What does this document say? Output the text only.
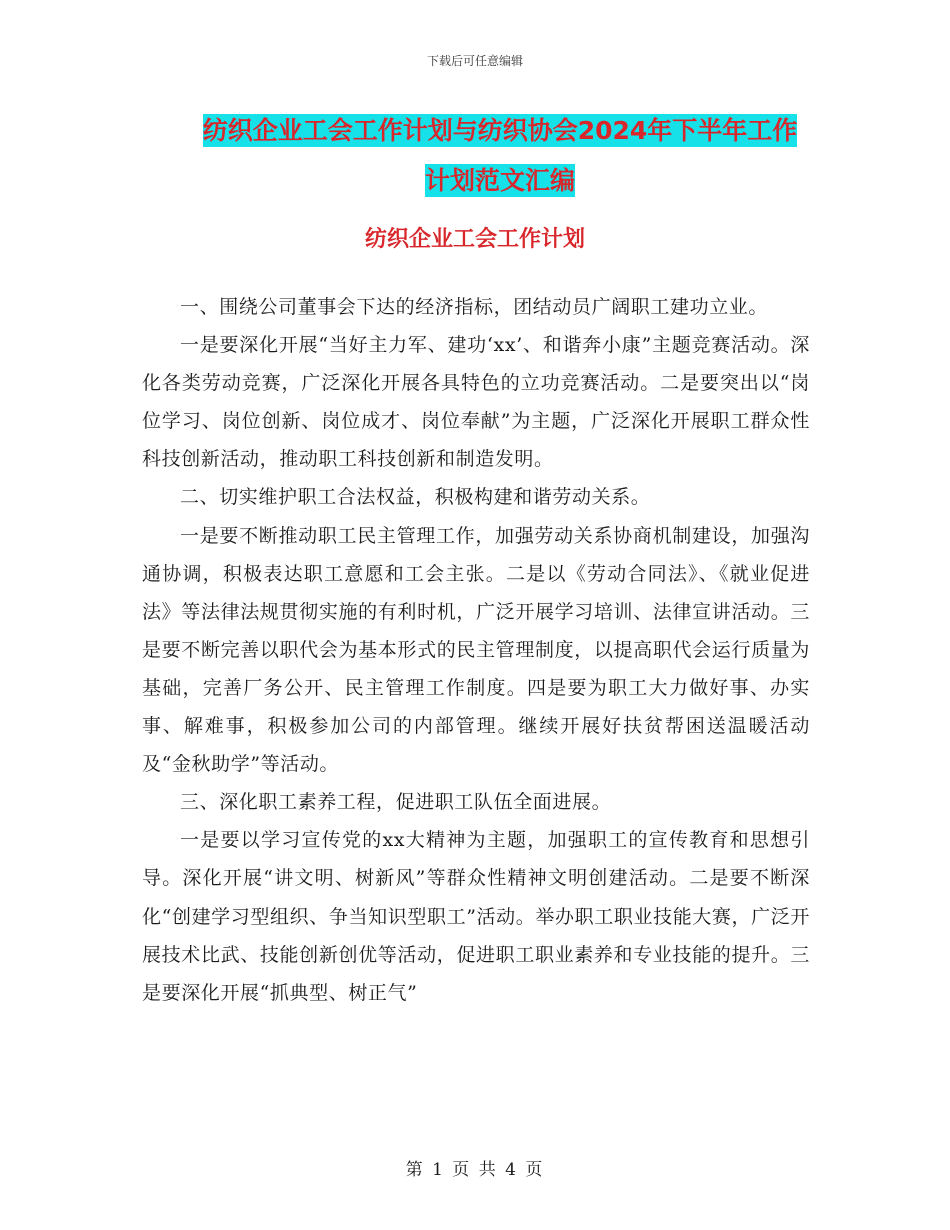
下载后可任意编辑
纺织企业工会工作计划与纺织协会2024年下半年工作
计划范文汇编
纺织企业工会工作计划

一、围绕公司董事会下达的经济指标，团结动员广阔职工建功立业。

一是要深化开展“当好主力军、建功‘xx’、和谐奔小康”主题竞赛活动。深化各类劳动竞赛，广泛深化开展各具特色的立功竞赛活动。二是要突出以“岗位学习、岗位创新、岗位成才、岗位奉献”为主题，广泛深化开展职工群众性科技创新活动，推动职工科技创新和制造发明。

二、切实维护职工合法权益，积极构建和谐劳动关系。

一是要不断推动职工民主管理工作，加强劳动关系协商机制建设，加强沟通协调，积极表达职工意愿和工会主张。二是以《劳动合同法》、《就业促进法》等法律法规贯彻实施的有利时机，广泛开展学习培训、法律宣讲活动。三是要不断完善以职代会为基本形式的民主管理制度，以提高职代会运行质量为基础，完善厂务公开、民主管理工作制度。四是要为职工大力做好事、办实事、解难事，积极参加公司的内部管理。继续开展好扶贫帮困送温暖活动及“金秋助学”等活动。

三、深化职工素养工程，促进职工队伍全面进展。

一是要以学习宣传党的xx大精神为主题，加强职工的宣传教育和思想引导。深化开展“讲文明、树新风”等群众性精神文明创建活动。二是要不断深化“创建学习型组织、争当知识型职工”活动。举办职工职业技能大赛，广泛开展技术比武、技能创新创优等活动，促进职工职业素养和专业技能的提升。三是要深化开展“抓典型、树正气”

第 1 页 共 4 页
